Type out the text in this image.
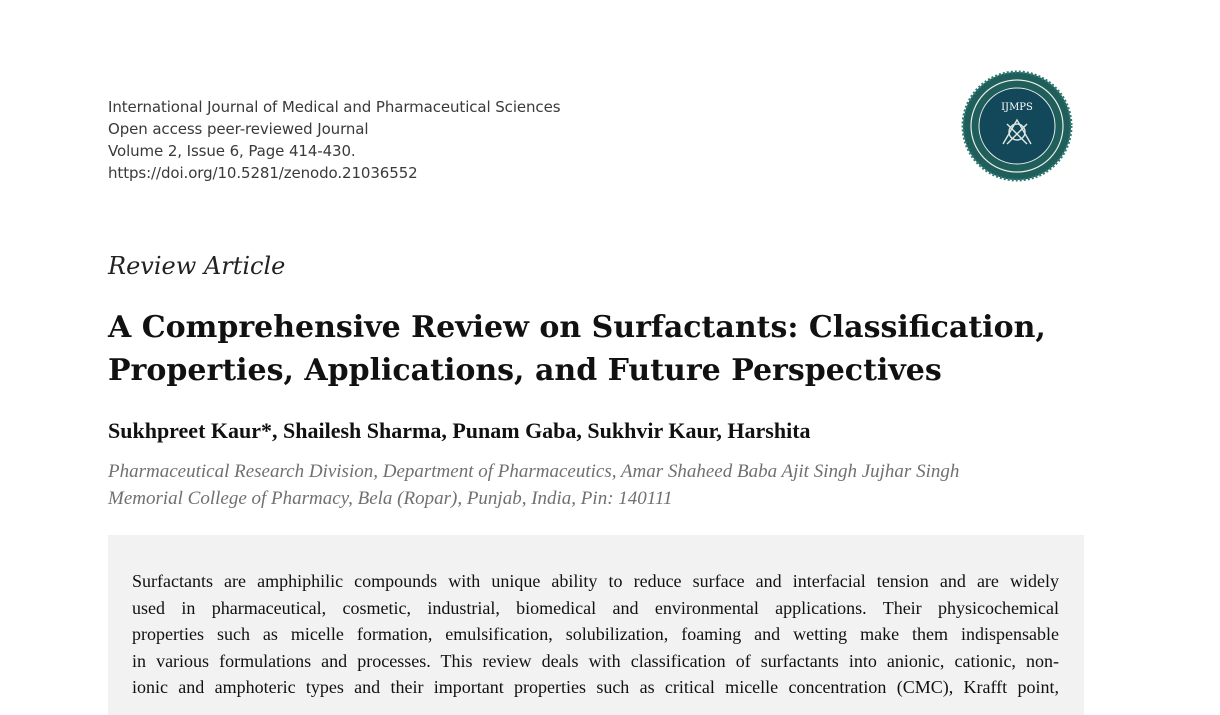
International Journal of Medical and Pharmaceutical Sciences
Open access peer-reviewed Journal
Volume 2, Issue 6, Page 414-430.
https://doi.org/10.5281/zenodo.21036552
IJMPS
Review Article
A Comprehensive Review on Surfactants: Classification,
Properties, Applications, and Future Perspectives
Sukhpreet Kaur*, Shailesh Sharma, Punam Gaba, Sukhvir Kaur, Harshita
Pharmaceutical Research Division, Department of Pharmaceutics, Amar Shaheed Baba Ajit Singh Jujhar Singh
Memorial College of Pharmacy, Bela (Ropar), Punjab, India, Pin: 140111
Surfactants are amphiphilic compounds with unique ability to reduce surface and interfacial tension and are widely
used in pharmaceutical, cosmetic, industrial, biomedical and environmental applications. Their physicochemical
properties such as micelle formation, emulsification, solubilization, foaming and wetting make them indispensable
in various formulations and processes. This review deals with classification of surfactants into anionic, cationic, non-
ionic and amphoteric types and their important properties such as critical micelle concentration (CMC), Krafft point,
